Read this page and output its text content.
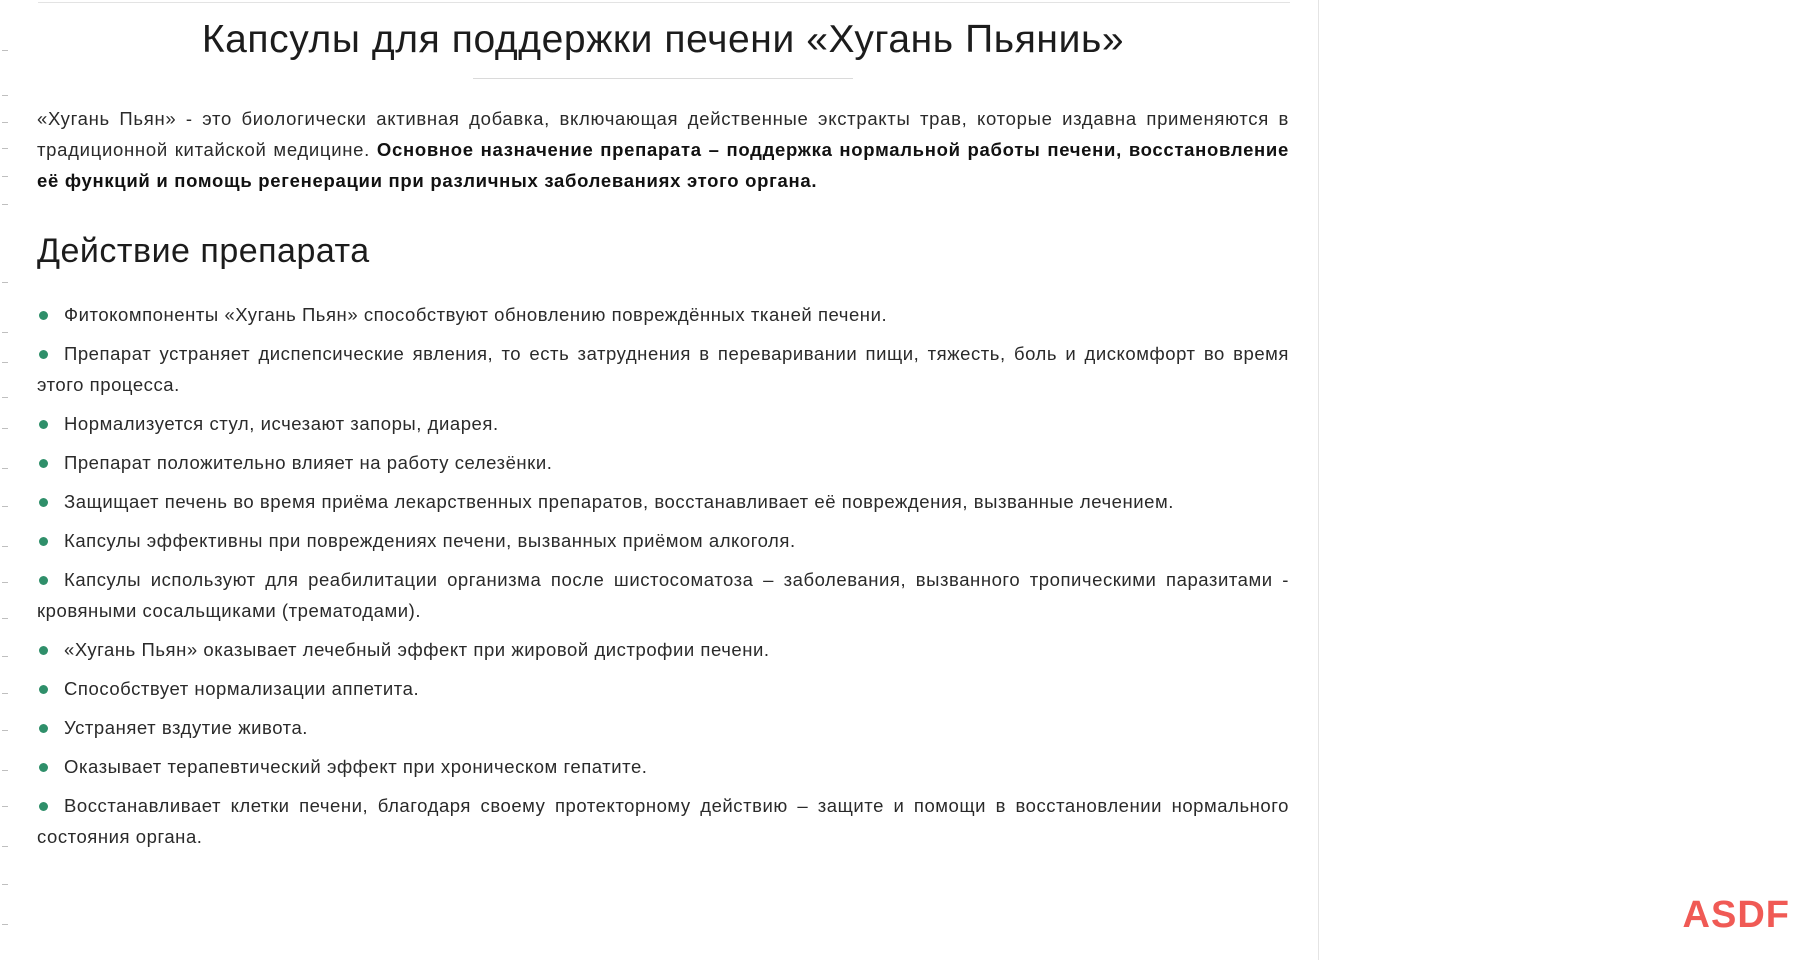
Капсулы для поддержки печени «Хугань Пьяниь»

«Хугань Пьян» - это биологически активная добавка, включающая действенные экстракты трав, которые издавна применяются в традиционной китайской медицине. Основное назначение препарата – поддержка нормальной работы печени, восстановление её функций и помощь регенерации при различных заболеваниях этого органа.

Действие препарата
Фитокомпоненты «Хугань Пьян» способствуют обновлению повреждённых тканей печени.
Препарат устраняет диспепсические явления, то есть затруднения в переваривании пищи, тяжесть, боль и дискомфорт во время этого процесса.
Нормализуется стул, исчезают запоры, диарея.
Препарат положительно влияет на работу селезёнки.
Защищает печень во время приёма лекарственных препаратов, восстанавливает её повреждения, вызванные лечением.
Капсулы эффективны при повреждениях печени, вызванных приёмом алкоголя.
Капсулы используют для реабилитации организма после шистосоматоза – заболевания, вызванного тропическими паразитами - кровяными сосальщиками (трематодами).
«Хугань Пьян» оказывает лечебный эффект при жировой дистрофии печени.
Способствует нормализации аппетита.
Устраняет вздутие живота.
Оказывает терапевтический эффект при хроническом гепатите.
Восстанавливает клетки печени, благодаря своему протекторному действию – защите и помощи в восстановлении нормального состояния органа.
ASDF
